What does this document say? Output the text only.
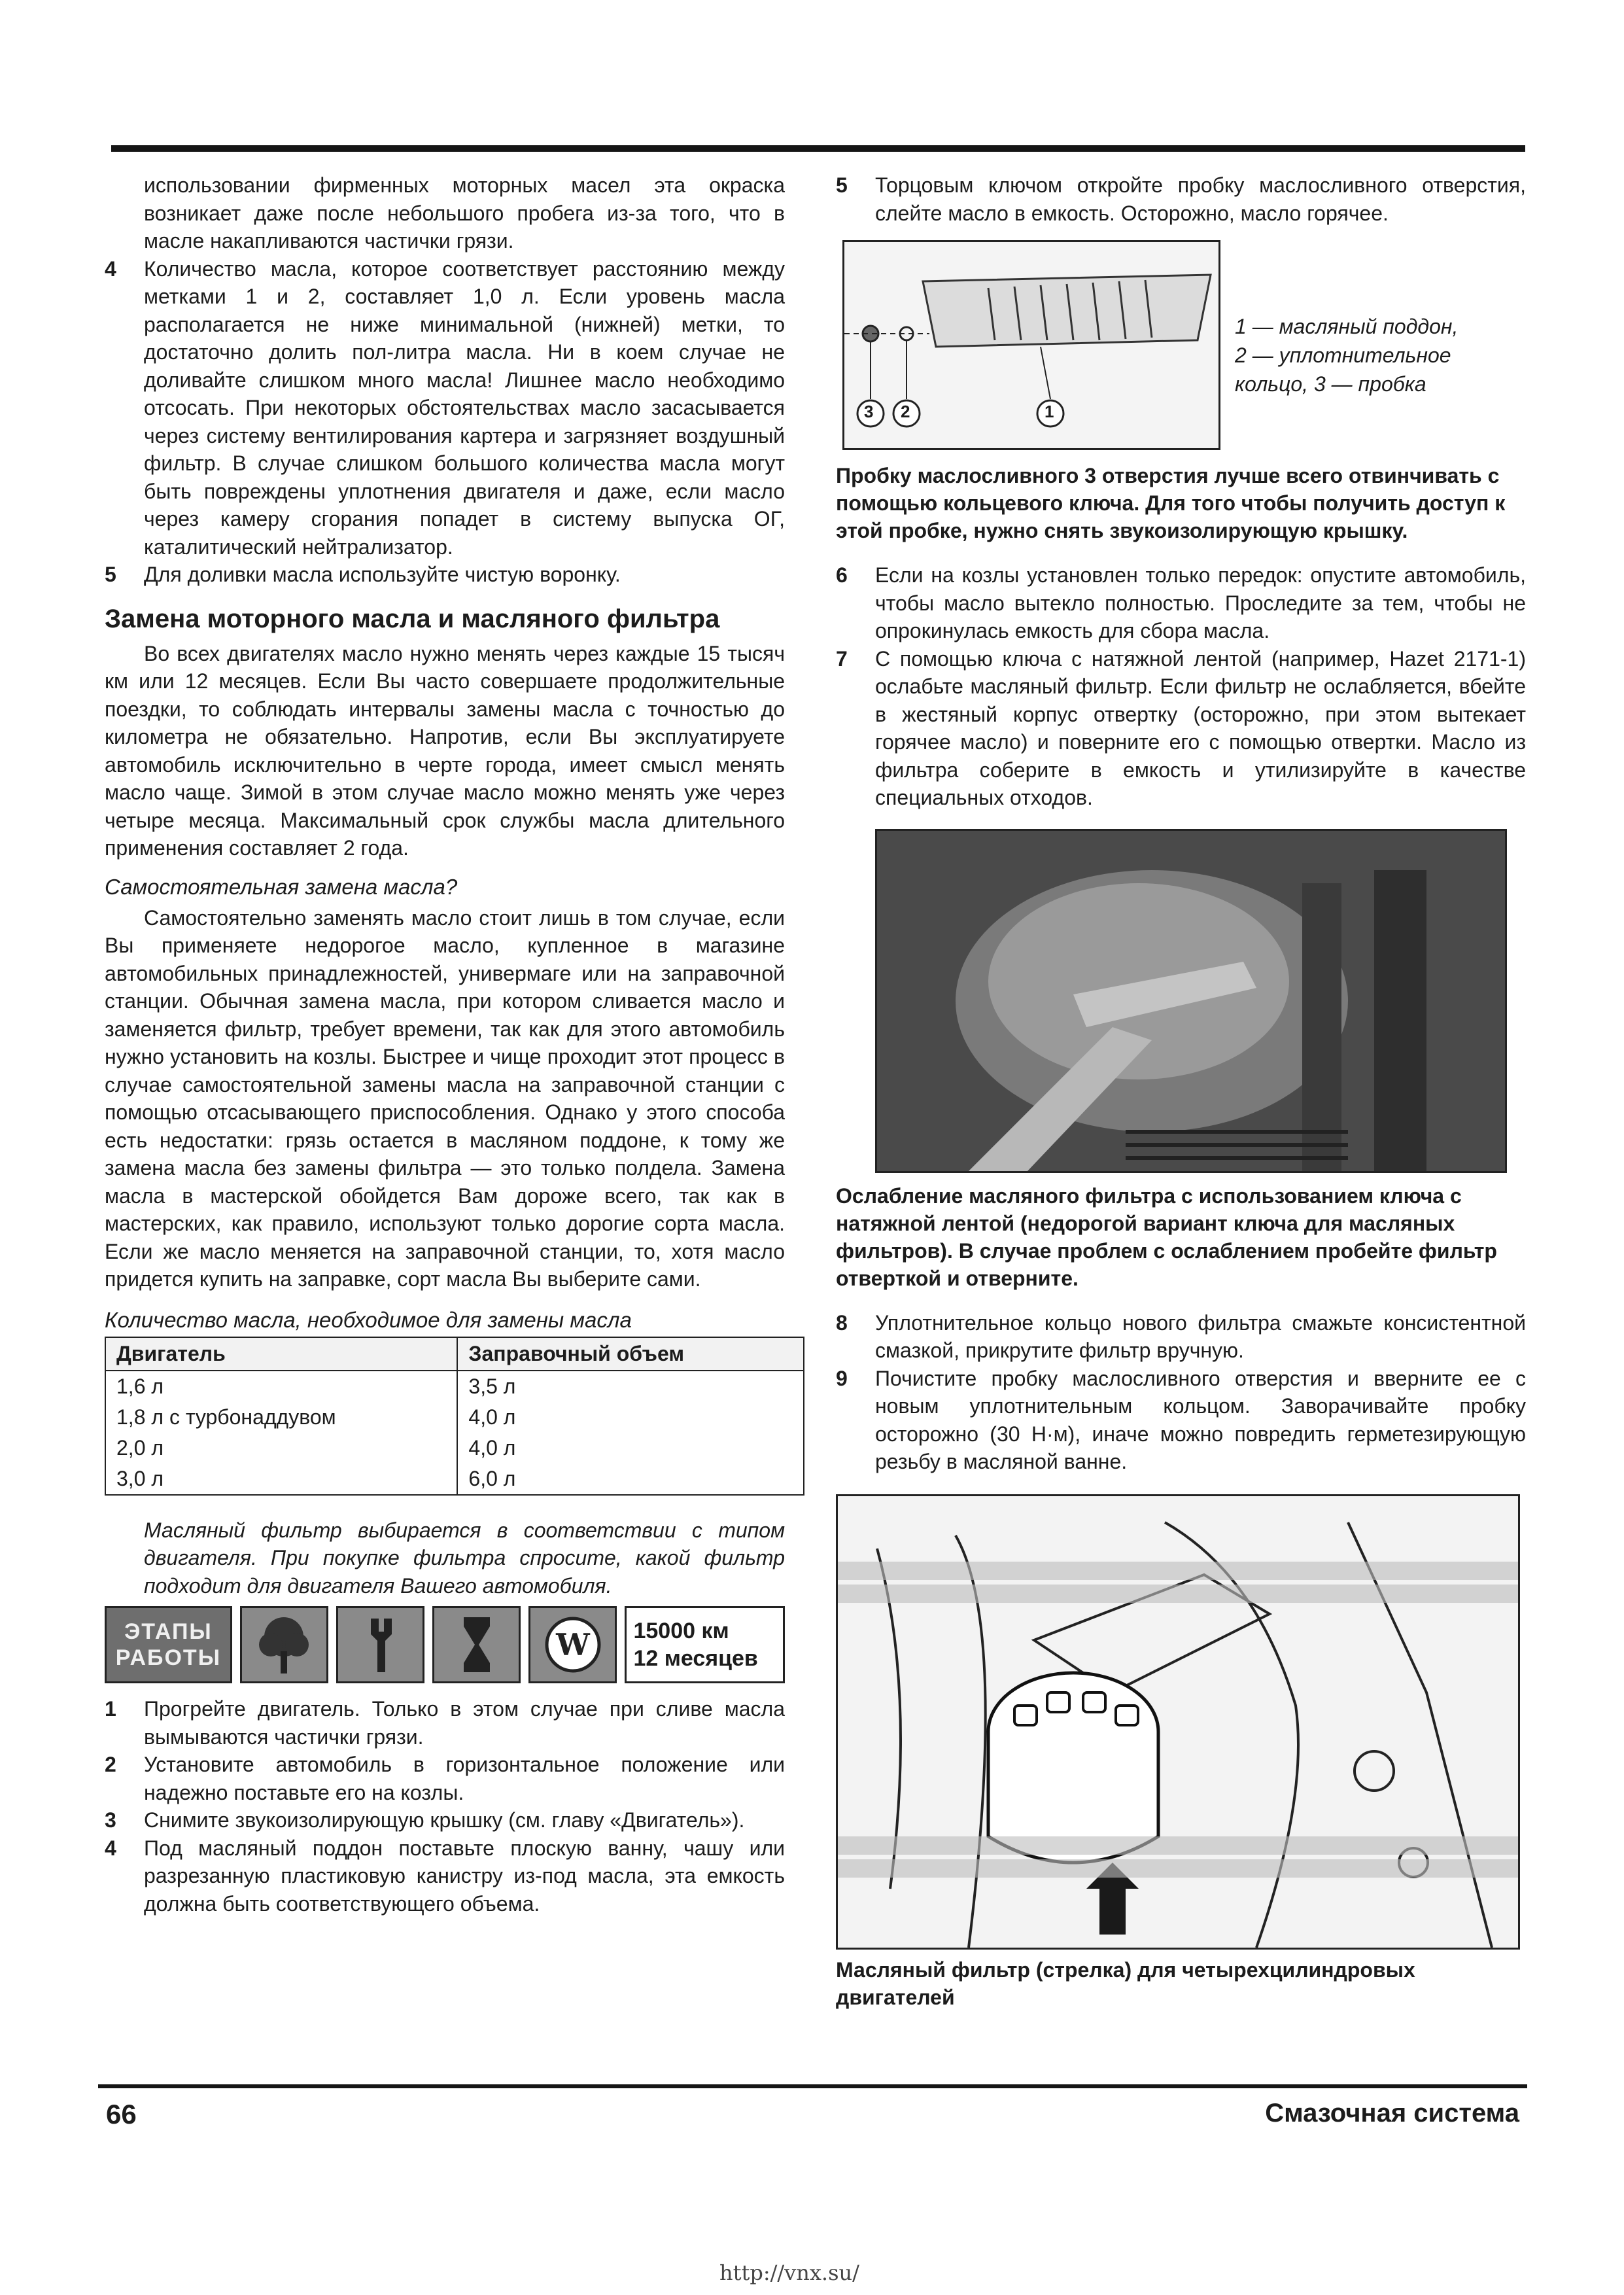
использовании фирменных моторных масел эта окраска возникает даже после небольшого пробега из-за того, что в масле накапливаются частички грязи.

4 Количество масла, которое соответствует расстоянию между метками 1 и 2, составляет 1,0 л. Если уровень масла располагается не ниже минимальной (нижней) метки, то достаточно долить пол-литра масла. Ни в коем случае не доливайте слишком много масла! Лишнее масло необходимо отсосать. При некоторых обстоятельствах масло засасывается через систему вентилирования картера и загрязняет воздушный фильтр. В случае слишком большого количества масла могут быть повреждены уплотнения двигателя и даже, если масло через камеру сгорания попадет в систему выпуска ОГ, каталитический нейтрализатор.
5 Для доливки масла используйте чистую воронку.
Замена моторного масла и масляного фильтра

Во всех двигателях масло нужно менять через каждые 15 тысяч км или 12 месяцев. Если Вы часто совершаете продолжительные поездки, то соблюдать интервалы замены масла с точностью до километра не обязательно. Напротив, если Вы эксплуатируете автомобиль исключительно в черте города, имеет смысл менять масло чаще. Зимой в этом случае масло можно менять уже через четыре месяца. Максимальный срок службы масла длительного применения составляет 2 года.

Самостоятельная замена масла?

Самостоятельно заменять масло стоит лишь в том случае, если Вы применяете недорогое масло, купленное в магазине автомобильных принадлежностей, универмаге или на заправочной станции. Обычная замена масла, при котором сливается масло и заменяется фильтр, требует времени, так как для этого автомобиль нужно установить на козлы. Быстрее и чище проходит этот процесс в случае самостоятельной замены масла на заправочной станции с помощью отсасывающего приспособления. Однако у этого способа есть недостатки: грязь остается в масляном поддоне, к тому же замена масла без замены фильтра — это только полдела. Замена масла в мастерской обойдется Вам дороже всего, так как в мастерских, как правило, используют только дорогие сорта масла. Если же масло меняется на заправочной станции, то, хотя масло придется купить на заправке, сорт масла Вы выберите сами.

Количество масла, необходимое для замены масла

Двигатель	Заправочный объем
1,6 л	3,5 л
1,8 л с турбонаддувом	4,0 л
2,0 л	4,0 л
3,0 л	6,0 л

Масляный фильтр выбирается в соответствии с типом двигателя. При покупке фильтра спросите, какой фильтр подходит для двигателя Вашего автомобиля.

ЭТАПЫ
РАБОТЫ	W 15000 км
12 месяцев
1 Прогрейте двигатель. Только в этом случае при сливе масла вымываются частички грязи.
2 Установите автомобиль в горизонтальное положение или надежно поставьте его на козлы.
3 Снимите звукоизолирующую крышку (см. главу «Двигатель»).
4 Под масляный поддон поставьте плоскую ванну, чашу или разрезанную пластиковую канистру из-под масла, эта емкость должна быть соответствующего объема.
5 Торцовым ключом откройте пробку маслосливного отверстия, слейте масло в емкость. Осторожно, масло горячее.
3 2	1
1 — масляный поддон,
2 — уплотнительное
кольцо, 3 — пробка

Пробку маслосливного 3 отверстия лучше всего отвинчивать с помощью кольцевого ключа. Для того чтобы получить доступ к этой пробке, нужно снять звукоизолирующую крышку.

6 Если на козлы установлен только передок: опустите автомобиль, чтобы масло вытекло полностью. Проследите за тем, чтобы не опрокинулась емкость для сбора масла.
7 С помощью ключа с натяжной лентой (например, Hazet 2171-1) ослабьте масляный фильтр. Если фильтр не ослабляется, вбейте в жестяный корпус отвертку (осторожно, при этом вытекает горячее масло) и поверните его с помощью отвертки. Масло из фильтра соберите в емкость и утилизируйте в качестве специальных отходов.

Ослабление масляного фильтра с использованием ключа с натяжной лентой (недорогой вариант ключа для масляных фильтров). В случае проблем с ослаблением пробейте фильтр отверткой и отверните.

8 Уплотнительное кольцо нового фильтра смажьте консистентной смазкой, прикрутите фильтр вручную.
9 Почистите пробку маслосливного отверстия и вверните ее с новым уплотнительным кольцом. Заворачивайте пробку осторожно (30 Н·м), иначе можно повредить герметезирующую резьбу в масляной ванне.

Масляный фильтр (стрелка) для четырехцилиндровых двигателей

66	Смазочная система
http://vnx.su/
